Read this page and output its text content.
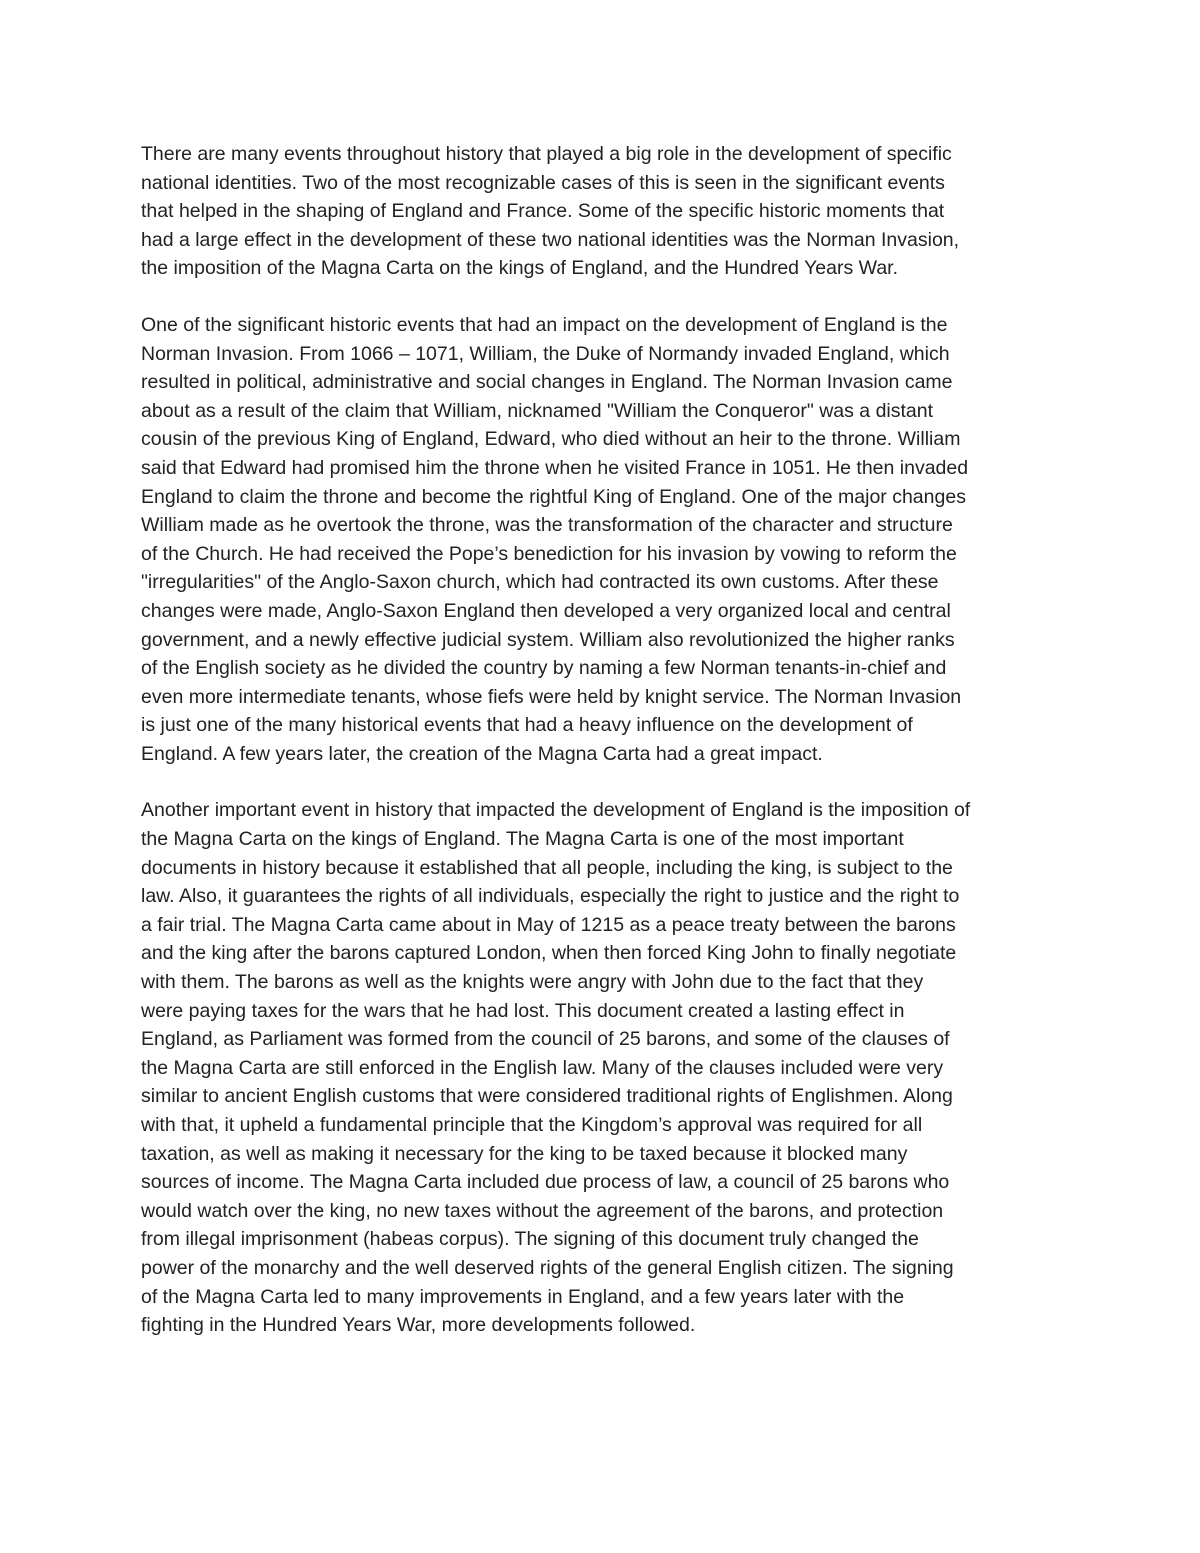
There are many events throughout history that played a big role in the development of specific
national identities. Two of the most recognizable cases of this is seen in the significant events
that helped in the shaping of England and France. Some of the specific historic moments that
had a large effect in the development of these two national identities was the Norman Invasion,
the imposition of the Magna Carta on the kings of England, and the Hundred Years War.

One of the significant historic events that had an impact on the development of England is the
Norman Invasion. From 1066 – 1071, William, the Duke of Normandy invaded England, which
resulted in political, administrative and social changes in England. The Norman Invasion came
about as a result of the claim that William, nicknamed "William the Conqueror" was a distant
cousin of the previous King of England, Edward, who died without an heir to the throne. William
said that Edward had promised him the throne when he visited France in 1051. He then invaded
England to claim the throne and become the rightful King of England. One of the major changes
William made as he overtook the throne, was the transformation of the character and structure
of the Church. He had received the Pope’s benediction for his invasion by vowing to reform the
"irregularities" of the Anglo-Saxon church, which had contracted its own customs. After these
changes were made, Anglo-Saxon England then developed a very organized local and central
government, and a newly effective judicial system. William also revolutionized the higher ranks
of the English society as he divided the country by naming a few Norman tenants-in-chief and
even more intermediate tenants, whose fiefs were held by knight service. The Norman Invasion
is just one of the many historical events that had a heavy influence on the development of
England. A few years later, the creation of the Magna Carta had a great impact.

Another important event in history that impacted the development of England is the imposition of
the Magna Carta on the kings of England. The Magna Carta is one of the most important
documents in history because it established that all people, including the king, is subject to the
law. Also, it guarantees the rights of all individuals, especially the right to justice and the right to
a fair trial. The Magna Carta came about in May of 1215 as a peace treaty between the barons
and the king after the barons captured London, when then forced King John to finally negotiate
with them. The barons as well as the knights were angry with John due to the fact that they
were paying taxes for the wars that he had lost. This document created a lasting effect in
England, as Parliament was formed from the council of 25 barons, and some of the clauses of
the Magna Carta are still enforced in the English law. Many of the clauses included were very
similar to ancient English customs that were considered traditional rights of Englishmen. Along
with that, it upheld a fundamental principle that the Kingdom’s approval was required for all
taxation, as well as making it necessary for the king to be taxed because it blocked many
sources of income. The Magna Carta included due process of law, a council of 25 barons who
would watch over the king, no new taxes without the agreement of the barons, and protection
from illegal imprisonment (habeas corpus). The signing of this document truly changed the
power of the monarchy and the well deserved rights of the general English citizen. The signing
of the Magna Carta led to many improvements in England, and a few years later with the
fighting in the Hundred Years War, more developments followed.
